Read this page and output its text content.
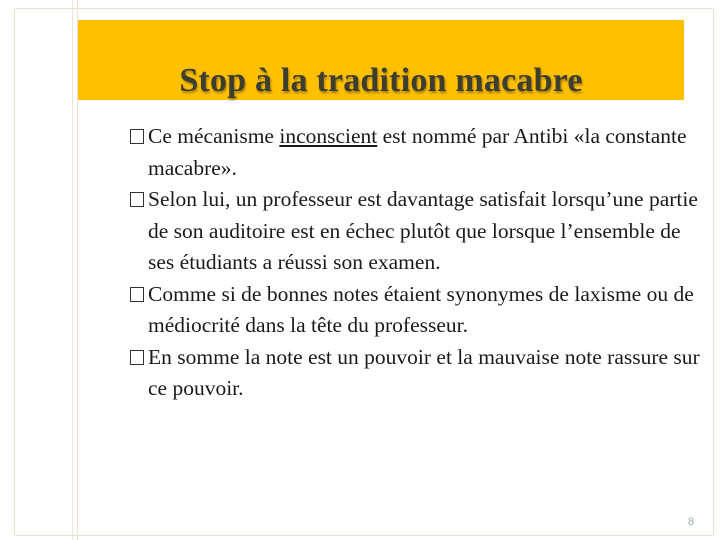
Stop à la tradition macabre
Ce mécanisme inconscient est nommé par Antibi «la constante macabre».
Selon lui, un professeur est davantage satisfait lorsqu’une partie de son auditoire est en échec plutôt que lorsque l’ensemble de ses étudiants a réussi son examen.
Comme si de bonnes notes étaient synonymes de laxisme ou de médiocrité dans la tête du professeur.
En somme la note est un pouvoir et la mauvaise note rassure sur ce pouvoir.
8
